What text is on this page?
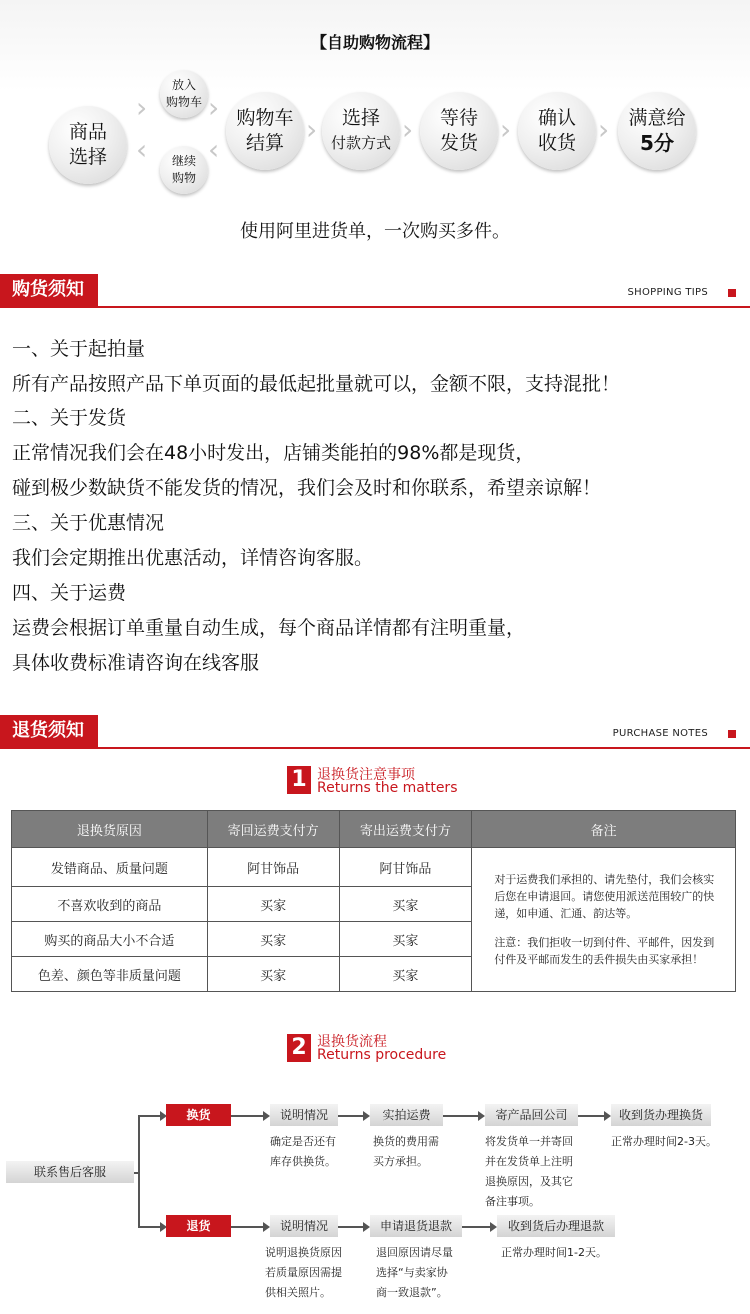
【自助购物流程】
商品
选择
›
‹
放入
购物车
继续
购物
›
‹
购物车
结算 › 选择
付款方式 › 等待
发货 › 确认
收货 › 满意给
5分
使用阿里进货单，一次购买多件。
购货须知	SHOPPING TIPS
一、关于起拍量
所有产品按照产品下单页面的最低起批量就可以，金额不限，支持混批！
二、关于发货
正常情况我们会在48小时发出，店铺类能拍的98%都是现货，
碰到极少数缺货不能发货的情况，我们会及时和你联系，希望亲谅解！
三、关于优惠情况
我们会定期推出优惠活动，详情咨询客服。
四、关于运费
运费会根据订单重量自动生成，每个商品详情都有注明重量，
具体收费标准请咨询在线客服
退货须知	PURCHASE NOTES
1 退换货注意事项
Returns the matters
退换货原因	寄回运费支付方	寄出运费支付方	备注
发错商品、质量问题	阿甘饰品	阿甘饰品	对于运费我们承担的、请先垫付，我们会核实后您在申请退回。请您使用派送范围较广的快递，如申通、汇通、韵达等。
注意：我们拒收一切到付件、平邮件，因发到付件及平邮而发生的丢件损失由买家承担！

不喜欢收到的商品	买家	买家	
购买的商品大小不合适	买家	买家	
色差、颜色等非质量问题	买家	买家	
2 退换货流程
Returns procedure
联系售后客服
换货	说明情况	实拍运费	寄产品回公司	收到货办理换货
确定是否还有
库存供换货。
换货的费用需
买方承担。
将发货单一并寄回
并在发货单上注明
退换原因，及其它
备注事项。
正常办理时间2-3天。
退货	说明情况	申请退货退款	收到货后办理退款
说明退换货原因
若质量原因需提
供相关照片。
退回原因请尽量
选择“与卖家协
商一致退款”。
正常办理时间1-2天。
